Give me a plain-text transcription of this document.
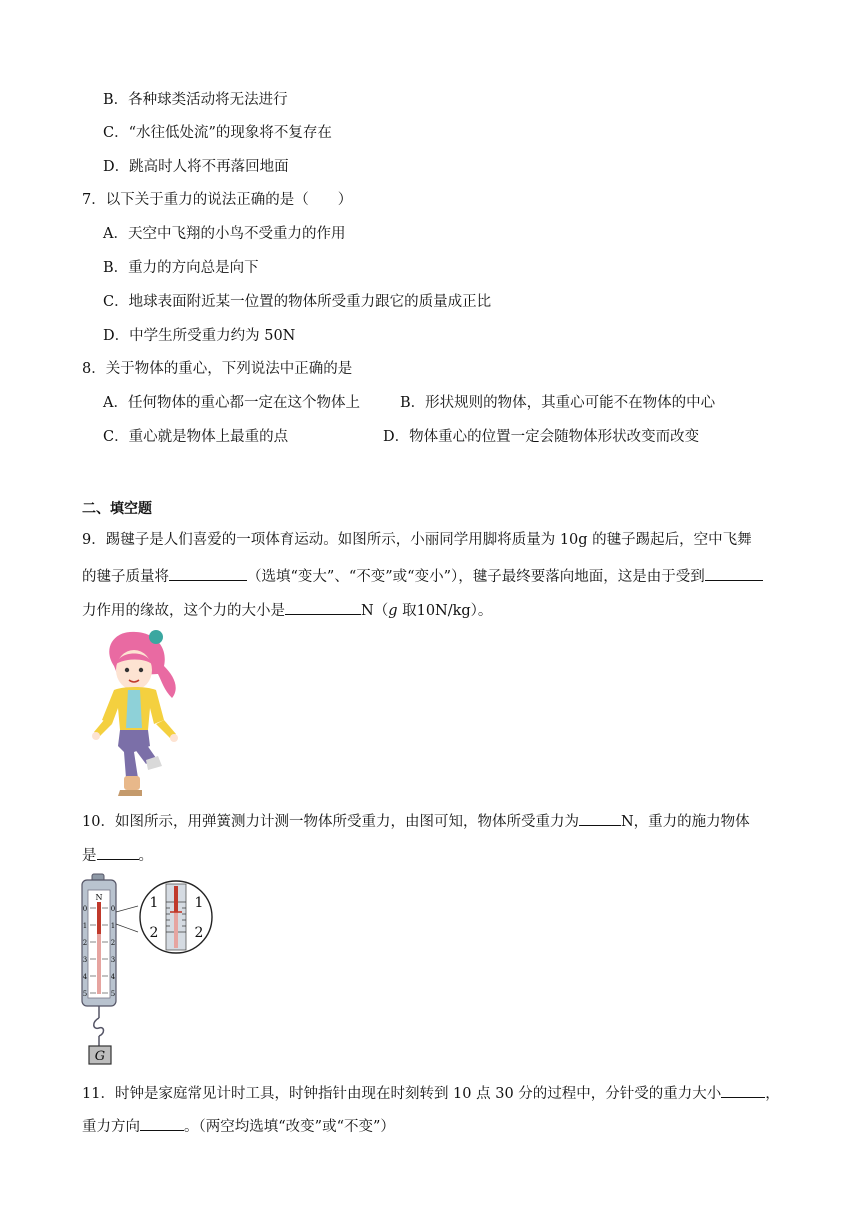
B．各种球类活动将无法进行
C．“水往低处流”的现象将不复存在
D．跳高时人将不再落回地面
7．以下关于重力的说法正确的是（　　）
A．天空中飞翔的小鸟不受重力的作用
B．重力的方向总是向下
C．地球表面附近某一位置的物体所受重力跟它的质量成正比
D．中学生所受重力约为 50N
8．关于物体的重心，下列说法中正确的是
A．任何物体的重心都一定在这个物体上	B．形状规则的物体，其重心可能不在物体的中心
C．重心就是物体上最重的点	D．物体重心的位置一定会随物体形状改变而改变
二、填空题
9．踢毽子是人们喜爱的一项体育运动。如图所示，小丽同学用脚将质量为 10g 的毽子踢起后，空中飞舞
的毽子质量将	（选填“变大”、“不变”或“变小”），毽子最终要落向地面，这是由于受到
力作用的缘故，这个力的大小是	N（g 取10N/kg）。
10．如图所示，用弹簧测力计测一物体所受重力，由图可知，物体所受重力为	N，重力的施力物体
是	。
N
0	0
1	1
2	2
3	3
4	4
5	5
G
1	1
2	2
11．时钟是家庭常见计时工具，时钟指针由现在时刻转到 10 点 30 分的过程中，分针受的重力大小	，
重力方向	。（两空均选填“改变”或“不变”）
